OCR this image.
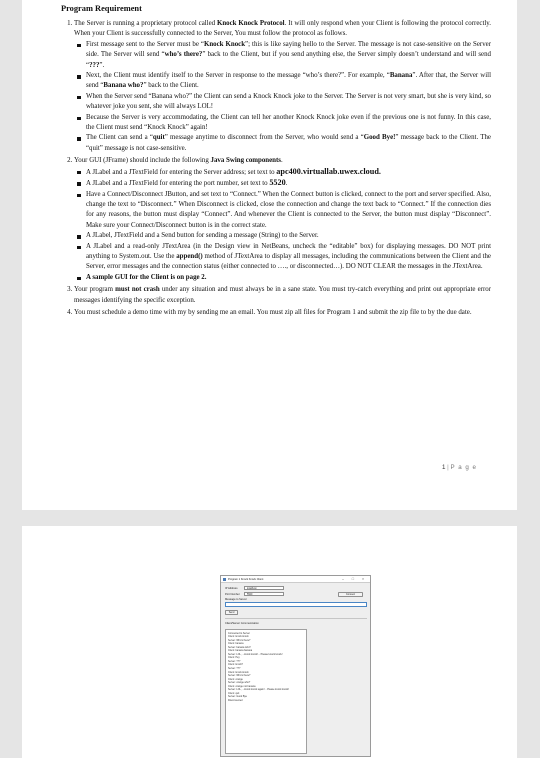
Program Requirement
1. The Server is running a proprietary protocol called Knock Knock Protocol. It will only respond when your Client is following the protocol correctly. When your Client is successfully connected to the Server, You must follow the protocol as follows.
First message sent to the Server must be “Knock Knock”; this is like saying hello to the Server. The message is not case-sensitive on the Server side. The Server will send “who’s there?” back to the Client, but if you send anything else, the Server simply doesn’t understand and will send “???”.
Next, the Client must identify itself to the Server in response to the message “who’s there?”. For example, “Banana”. After that, the Server will send “Banana who?” back to the Client.
When the Server send “Banana who?” the Client can send a Knock Knock joke to the Server. The Server is not very smart, but she is very kind, so whatever joke you sent, she will always LOL!
Because the Server is very accommodating, the Client can tell her another Knock Knock joke even if the previous one is not funny. In this case, the Client must send “Knock Knock” again!
The Client can send a “quit” message anytime to disconnect from the Server, who would send a “Good Bye!” message back to the Client. The “quit” message is not case-sensitive.
2. Your GUI (JFrame) should include the following Java Swing components.
A JLabel and a JTextField for entering the Server address; set text to apc400.virtuallab.uwex.cloud.
A JLabel and a JTextField for entering the port number, set text to 5520.
Have a Connect/Disconnect JButton, and set text to “Connect.” When the Connect button is clicked, connect to the port and server specified. Also, change the text to “Disconnect.” When Disconnect is clicked, close the connection and change the text back to “Connect.” If the connection dies for any reasons, the button must display “Connect”. And whenever the Client is connected to the Server, the button must display “Disconnect”. Make sure your Connect/Disconnect button is in the correct state.
A JLabel, JTextField and a Send button for sending a message (String) to the Server.
A JLabel and a read-only JTextArea (in the Design view in NetBeans, uncheck the “editable” box) for displaying messages. DO NOT print anything to System.out. Use the append() method of JTextArea to display all messages, including the communications between the Client and the Server, error messages and the connection status (either connected to …., or disconnected…). DO NOT CLEAR the messages in the JTextArea.
A sample GUI for the Client is on page 2.
3. Your program must not crash under any situation and must always be in a sane state. You must try-catch everything and print out appropriate error messages identifying the specific exception.
4. You must schedule a demo time with my by sending me an email. You must zip all files for Program 1 and submit the zip file to by the due date.
1 | P a g e
Program 1 Knock Knock Client	–	□	×
IP Address	localhost
Port Number	5520	Connect
Message to Server
Send
Client/Server Communication
Connected to Server
Client: knock knock
Server: Who's there?
Client: banana
Server: banana who?
Client: banana banana
Server: LOL, ...knock knock!... Please knock knock!
Client: Hey
Server: ???
Client: knock?
Server: ???
Client: knock knock
Server: Who's there?
Client: orange
Server: orange who?
Client: orange not banana
Server: LOL, ...knock knock again!... Please knock knock!
Client: quit
Server: Good Bye
Disconnected
